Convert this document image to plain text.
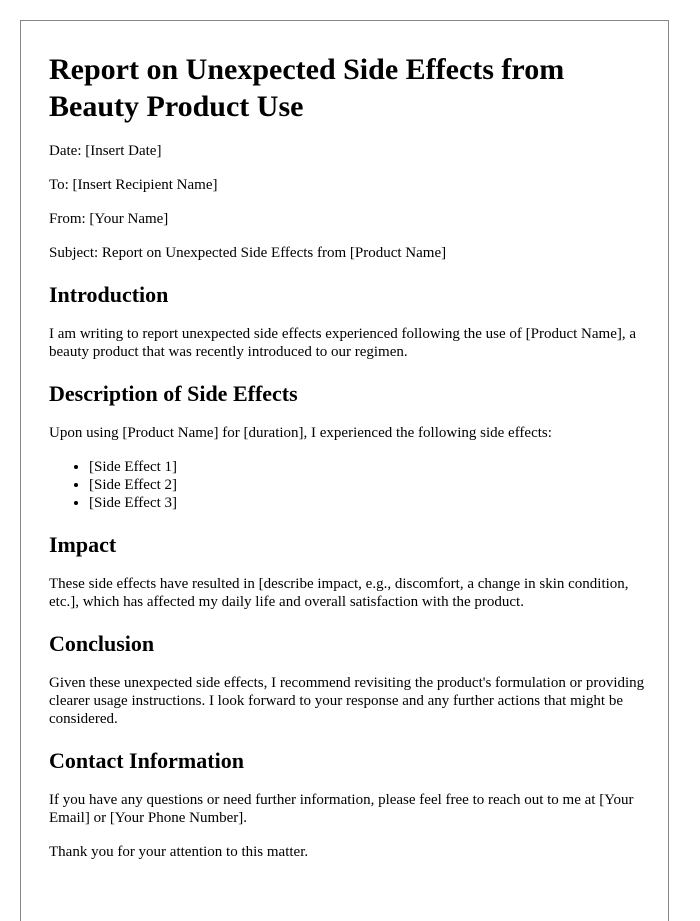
Report on Unexpected Side Effects from Beauty Product Use

Date: [Insert Date]

To: [Insert Recipient Name]

From: [Your Name]

Subject: Report on Unexpected Side Effects from [Product Name]

Introduction

I am writing to report unexpected side effects experienced following the use of [Product Name], a beauty product that was recently introduced to our regimen.

Description of Side Effects

Upon using [Product Name] for [duration], I experienced the following side effects:

• [Side Effect 1]
• [Side Effect 2]
• [Side Effect 3]
Impact

These side effects have resulted in [describe impact, e.g., discomfort, a change in skin condition, etc.], which has affected my daily life and overall satisfaction with the product.

Conclusion

Given these unexpected side effects, I recommend revisiting the product's formulation or providing clearer usage instructions. I look forward to your response and any further actions that might be considered.

Contact Information

If you have any questions or need further information, please feel free to reach out to me at [Your Email] or [Your Phone Number].

Thank you for your attention to this matter.
